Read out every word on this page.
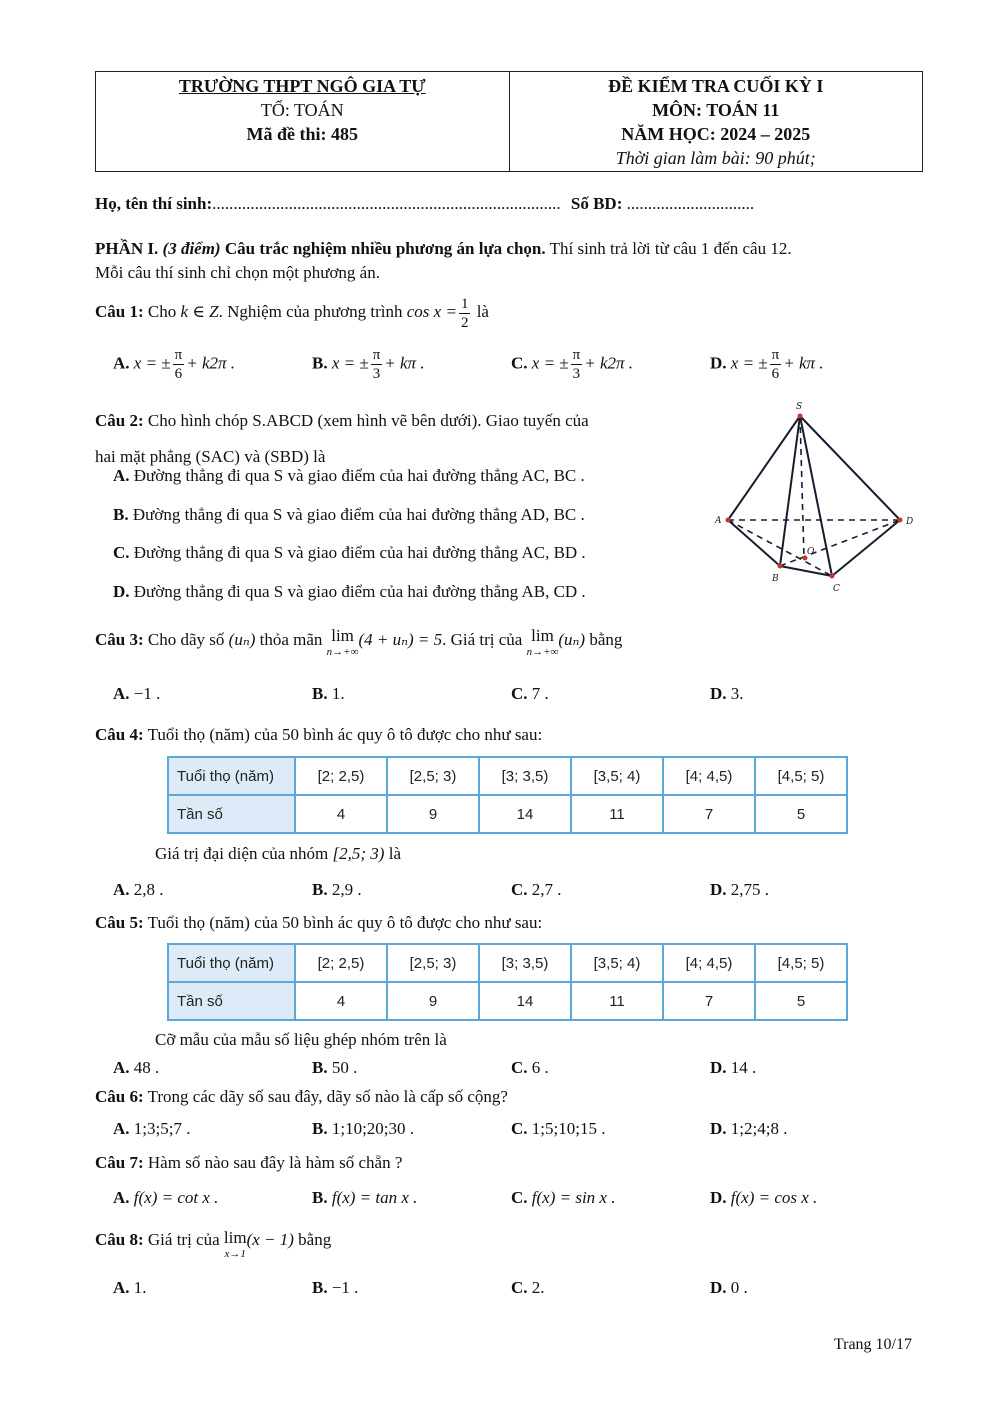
TRƯỜNG THPT NGÔ GIA TỰ
TỔ: TOÁN
Mã đề thi: 485
ĐỀ KIỂM TRA CUỐI KỲ I
MÔN: TOÁN 11
NĂM HỌC: 2024 – 2025
Thời gian làm bài: 90 phút;
Họ, tên thí sinh:.................................................................................. Số BD: ..............................
PHẦN I. (3 điểm) Câu trắc nghiệm nhiều phương án lựa chọn. Thí sinh trả lời từ câu 1 đến câu 12.
Mỗi câu thí sinh chỉ chọn một phương án.
Câu 1: Cho k ∈ Z. Nghiệm của phương trình $\cos x = \frac{1}{2}$ là
A. x = ± $\frac{\pi}{6} + k2\pi$ .	B. x = ± $\frac{\pi}{3} + k\pi$ .	C. x = ± $\frac{\pi}{3} + k2\pi$ .	D. x = ± $\frac{\pi}{6} + k\pi$ .
Câu 2: Cho hình chóp S.ABCD (xem hình vẽ bên dưới). Giao tuyến của
hai mặt phẳng (SAC) và (SBD) là
A. Đường thẳng đi qua S và giao điểm của hai đường thẳng AC, BC .
B. Đường thẳng đi qua S và giao điểm của hai đường thẳng AD, BC .
C. Đường thẳng đi qua S và giao điểm của hai đường thẳng AC, BD .
D. Đường thẳng đi qua S và giao điểm của hai đường thẳng AB, CD .
S
A	D
B
C
O
Câu 3: Cho dãy số (uₙ) thỏa mãn lim
n→+∞
(4 + uₙ) = 5. Giá trị của lim
n→+∞
(uₙ) bằng
A. −1 .	B. 1.	C. 7 .	D. 3.
Câu 4: Tuổi thọ (năm) của 50 bình ác quy ô tô được cho như sau:
Tuổi thọ (năm)	[2; 2,5)	[2,5; 3)	[3; 3,5)	[3,5; 4)	[4; 4,5)	[4,5; 5)
Tần số	4	9	14	11	7	5
Giá trị đại diện của nhóm [2,5; 3) là
A. 2,8 .	B. 2,9 .	C. 2,7 .	D. 2,75 .
Câu 5: Tuổi thọ (năm) của 50 bình ác quy ô tô được cho như sau:
Tuổi thọ (năm)	[2; 2,5)	[2,5; 3)	[3; 3,5)	[3,5; 4)	[4; 4,5)	[4,5; 5)
Tần số	4	9	14	11	7	5
Cỡ mẫu của mẫu số liệu ghép nhóm trên là
A. 48 .	B. 50 .	C. 6 .	D. 14 .
Câu 6: Trong các dãy số sau đây, dãy số nào là cấp số cộng?
A. 1;3;5;7 .	B. 1;10;20;30 .	C. 1;5;10;15 .	D. 1;2;4;8 .
Câu 7: Hàm số nào sau đây là hàm số chẵn ?
A. f(x) = cot x .	B. f(x) = tan x .	C. f(x) = sin x .	D. f(x) = cos x .
Câu 8: Giá trị của lim
x→1
(x − 1) bằng
A. 1.	B. −1 .	C. 2.	D. 0 .
Trang 10/17
